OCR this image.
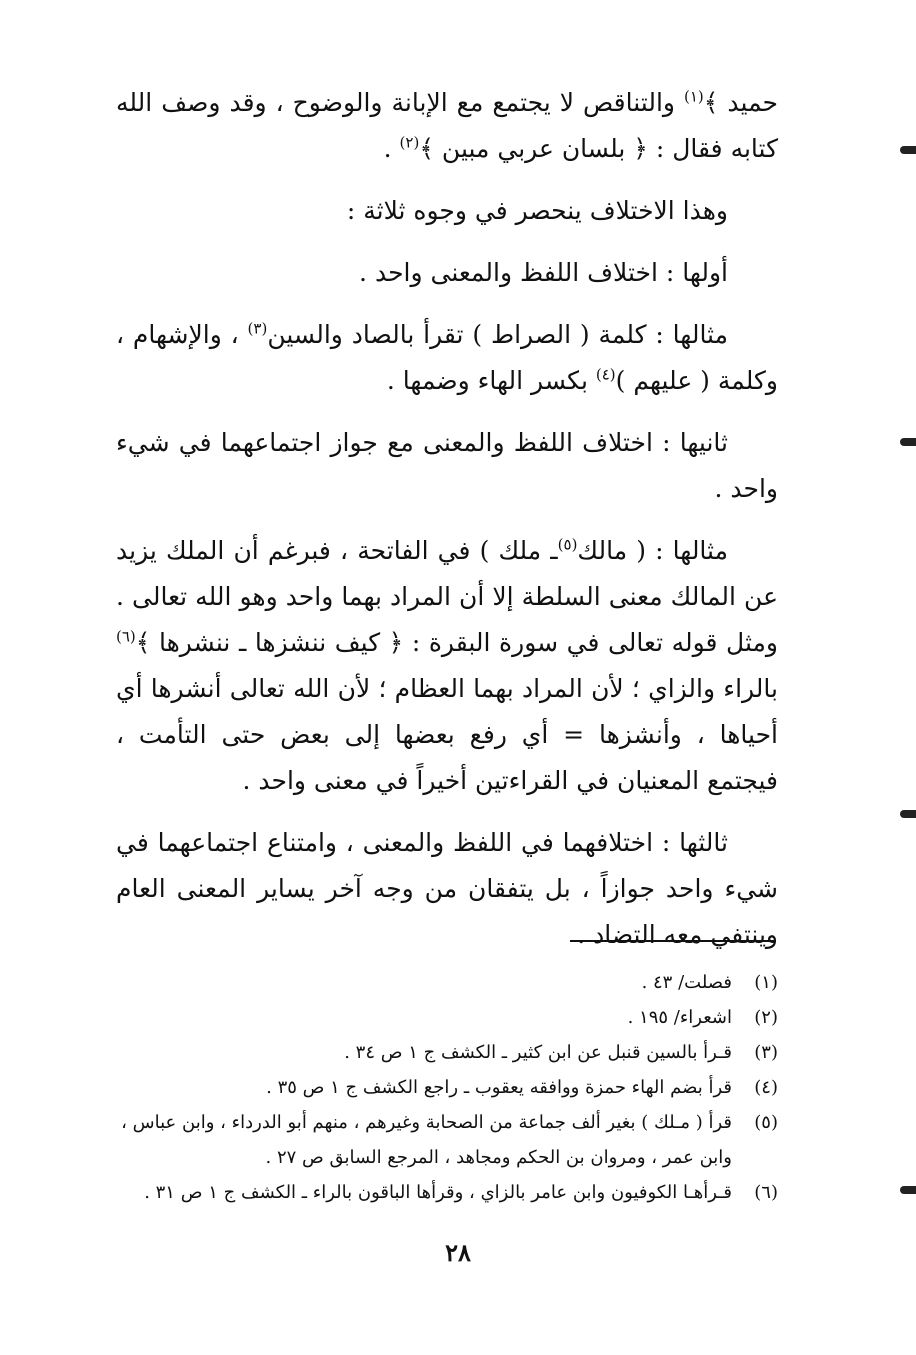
حميد ﴾$^{(١)}$ والتناقص لا يجتمع مع الإبانة والوضوح ، وقد وصف الله كتابه فقال : ﴿ بلسان عربي مبين ﴾$^{(٢)}$ .

وهذا الاختلاف ينحصر في وجوه ثلاثة :

أولها : اختلاف اللفظ والمعنى واحد .

مثالها : كلمة ( الصراط ) تقرأ بالصاد والسين$^{(٣)}$ ، والإشهام ، وكلمة ( عليهم )$^{(٤)}$ بكسر الهاء وضمها .

ثانيها : اختلاف اللفظ والمعنى مع جواز اجتماعهما في شيء واحد .

مثالها : ( مالك$^{(٥)}$ـ ملك ) في الفاتحة ، فبرغم أن الملك يزيد عن المالك معنى السلطة إلا أن المراد بهما واحد وهو الله تعالى . ومثل قوله تعالى في سورة البقرة : ﴿ كيف ننشزها ـ ننشرها ﴾$^{(٦)}$ بالراء والزاي ؛ لأن المراد بهما العظام ؛ لأن الله تعالى أنشرها أي أحياها ، وأنشزها = أي رفع بعضها إلى بعض حتى التأمت ، فيجتمع المعنيان في القراءتين أخيراً في معنى واحد .

ثالثها : اختلافهما في اللفظ والمعنى ، وامتناع اجتماعهما في شيء واحد جوازاً ، بل يتفقان من وجه آخر يساير المعنى العام وينتفي معه التضاد .

(١)
فصلت/ ٤٣ .
(٢)
اشعراء/ ١٩٥ .
(٣)
قـرأ بالسين قنبل عن ابن كثير ـ الكشف ج ١ ص ٣٤ .
(٤)
قرأ بضم الهاء حمزة ووافقه يعقوب ـ راجع الكشف ج ١ ص ٣٥ .
(٥)
قرأ ( مـلك ) بغير ألف جماعة من الصحابة وغيرهم ، منهم أبو الدرداء ، وابن عباس ، وابن عمر ، ومروان بن الحكم ومجاهد ، المرجع السابق ص ٢٧ .
(٦)
قـرأهـا الكوفيون وابن عامر بالزاي ، وقرأها الباقون بالراء ـ الكشف ج ١ ص ٣١ .
٢٨
